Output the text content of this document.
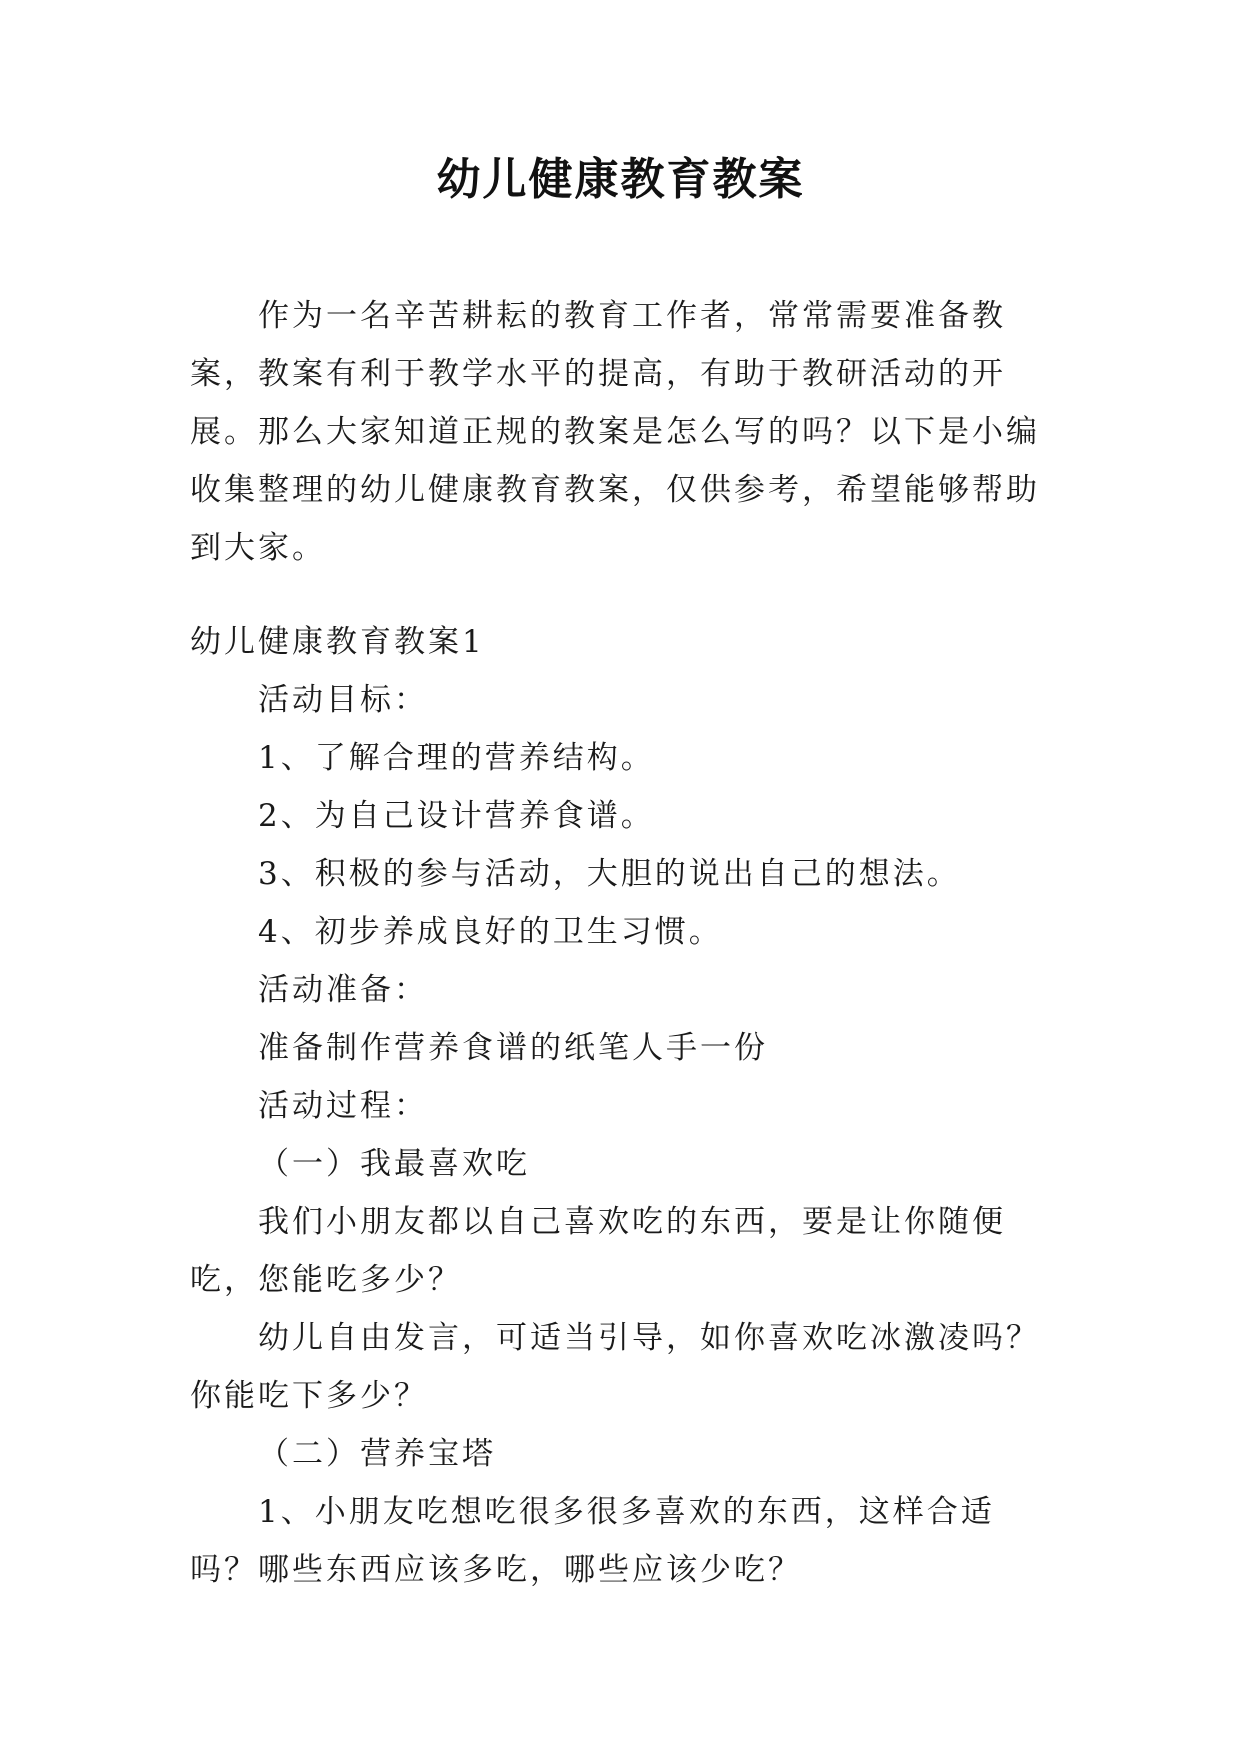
幼儿健康教育教案

作为一名辛苦耕耘的教育工作者，常常需要准备教案，教案有利于教学水平的提高，有助于教研活动的开展。那么大家知道正规的教案是怎么写的吗？以下是小编收集整理的幼儿健康教育教案，仅供参考，希望能够帮助到大家。

幼儿健康教育教案1

活动目标：

1、了解合理的营养结构。

2、为自己设计营养食谱。

3、积极的参与活动，大胆的说出自己的想法。

4、初步养成良好的卫生习惯。

活动准备：

准备制作营养食谱的纸笔人手一份

活动过程：

（一）我最喜欢吃

我们小朋友都以自己喜欢吃的东西，要是让你随便吃，您能吃多少？

幼儿自由发言，可适当引导，如你喜欢吃冰激凌吗？你能吃下多少？

（二）营养宝塔

1、小朋友吃想吃很多很多喜欢的东西，这样合适吗？哪些东西应该多吃，哪些应该少吃？
